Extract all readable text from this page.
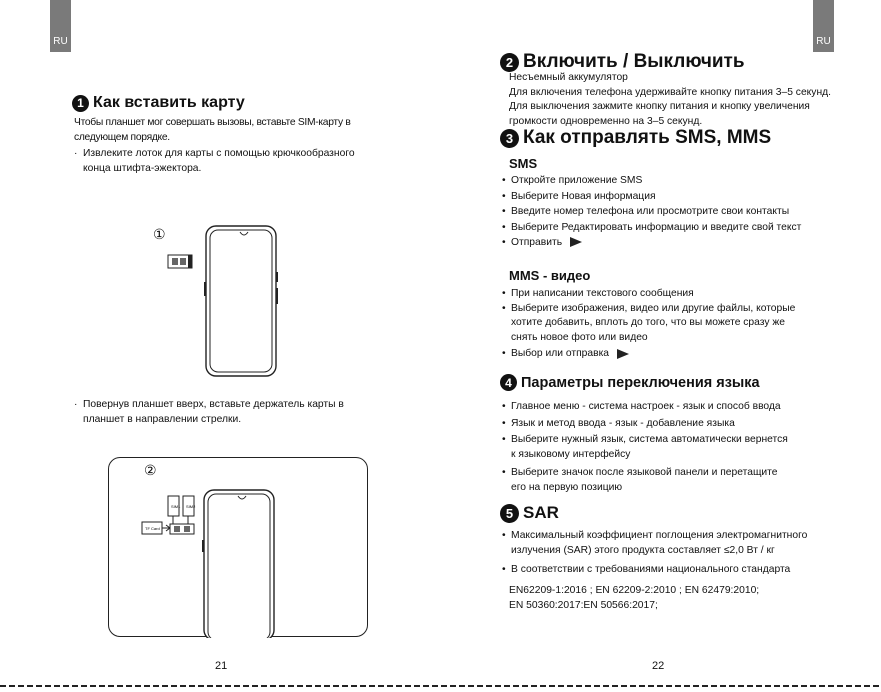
RU	RU
1 Как вставить карту
Чтобы планшет мог совершать вызовы, вставьте SIM-карту в
следующем порядке.
· Извлеките лоток для карты с помощью крючкообразного
конца штифта-эжектора.
①
· Повернув планшет вверх, вставьте держатель карты в
планшет в направлении стрелки.
②
SIM1 SIM2
TF Card
21
2 Включить / Выключить
Несъемный аккумулятор
Для включения телефона удерживайте кнопку питания 3–5 секунд.
Для выключения зажмите кнопку питания и кнопку увеличения
громкости одновременно на 3–5 секунд.
3 Как отправлять SMS, MMS
SMS
• Откройте приложение SMS
• Выберите Новая информация
• Введите номер телефона или просмотрите свои контакты
• Выберите Редактировать информацию и введите свой текст
• Отправить
MMS - видео
• При написании текстового сообщения
• Выберите изображения, видео или другие файлы, которые
хотите добавить, вплоть до того, что вы можете сразу же
снять новое фото или видео
• Выбор или отправка
4 Параметры переключения языка
• Главное меню - система настроек - язык и способ ввода
• Язык и метод ввода - язык - добавление языка
• Выберите нужный язык, система автоматически вернется
к языковому интерфейсу
• Выберите значок после языковой панели и перетащите
его на первую позицию
5 SAR
• Максимальный коэффициент поглощения электромагнитного
излучения (SAR) этого продукта составляет ≤2,0 Вт / кг
• В соответствии с требованиями национального стандарта
EN62209-1:2016 ; EN 62209-2:2010 ; EN 62479:2010;
EN 50360:2017:EN 50566:2017;
22
